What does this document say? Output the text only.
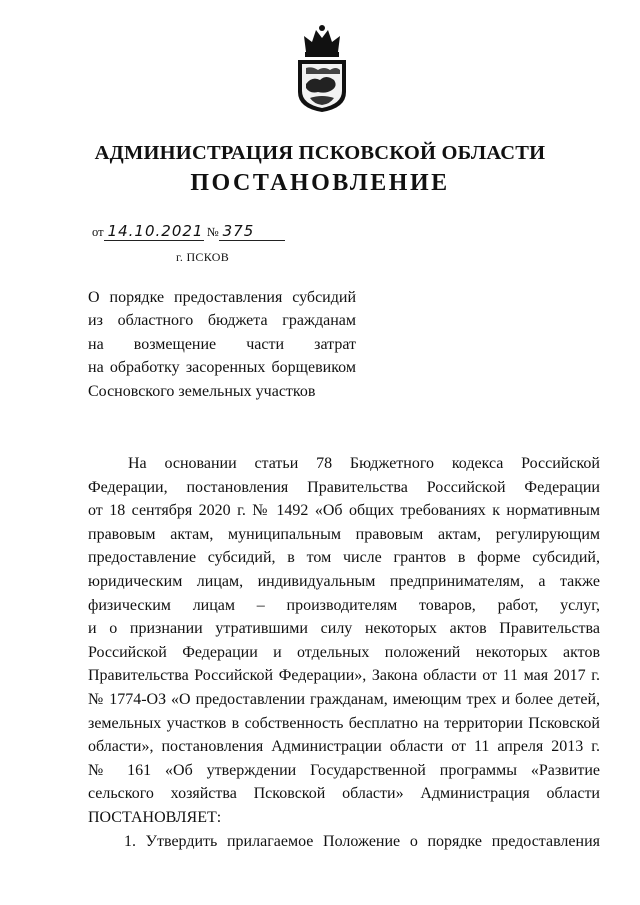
АДМИНИСТРАЦИЯ ПСКОВСКОЙ ОБЛАСТИ
ПОСТАНОВЛЕНИЕ
от 14.10.2021 № 375
г. ПСКОВ
О порядке предоставления субсидий
из областного бюджета гражданам
на возмещение части затрат
на обработку засоренных борщевиком
Сосновского земельных участков
На основании статьи 78 Бюджетного кодекса Российской
Федерации, постановления Правительства Российской Федерации
от 18 сентября 2020 г. № 1492 «Об общих требованиях к нормативным
правовым актам, муниципальным правовым актам, регулирующим
предоставление субсидий, в том числе грантов в форме субсидий,
юридическим лицам, индивидуальным предпринимателям, а также
физическим лицам – производителям товаров, работ, услуг,
и о признании утратившими силу некоторых актов Правительства
Российской Федерации и отдельных положений некоторых актов
Правительства Российской Федерации», Закона области от 11 мая 2017 г.
№ 1774-ОЗ «О предоставлении гражданам, имеющим трех и более детей,
земельных участков в собственность бесплатно на территории Псковской
области», постановления Администрации области от 11 апреля 2013 г.
№ 161 «Об утверждении Государственной программы «Развитие
сельского хозяйства Псковской области» Администрация области
ПОСТАНОВЛЯЕТ:
1. Утвердить прилагаемое Положение о порядке предоставления
